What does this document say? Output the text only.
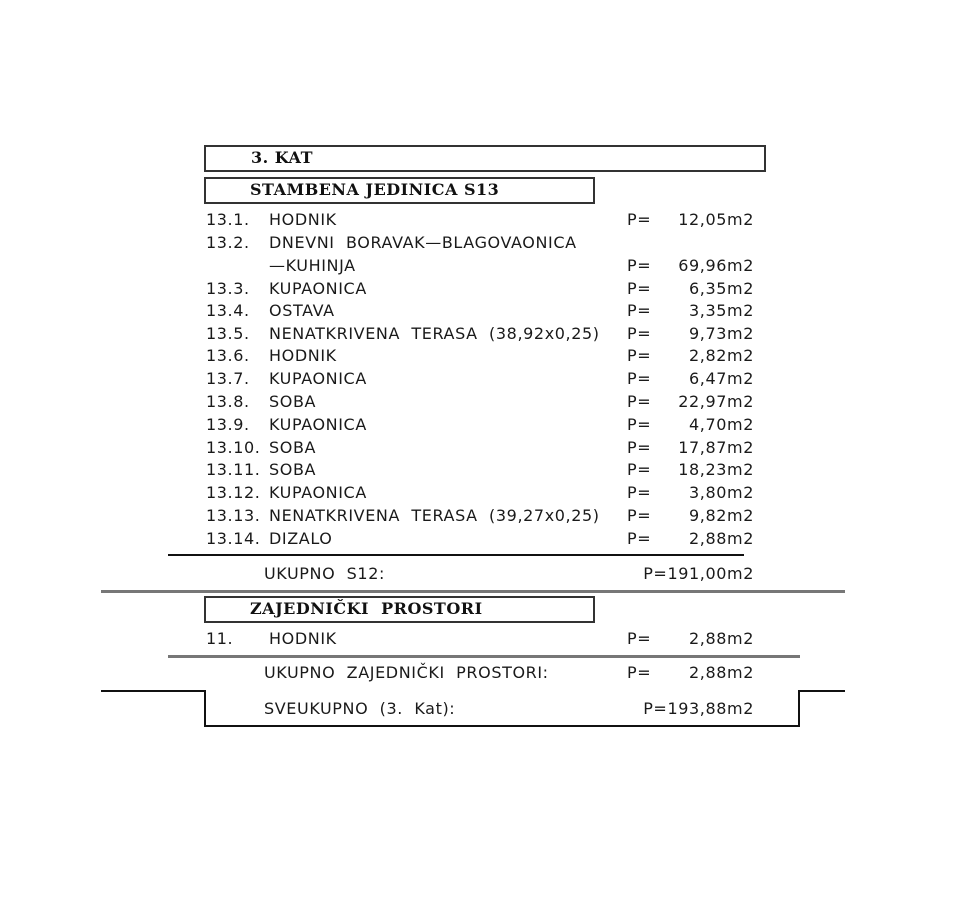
3. KAT
STAMBENA JEDINICA S13
13.1. HODNIK	P= 12,05m2
13.2. DNEVNI  BORAVAK—BLAGOVAONICA
—KUHINJA	P= 69,96m2
13.3. KUPAONICA	P= 6,35m2
13.4. OSTAVA	P= 3,35m2
13.5. NENATKRIVENA  TERASA  (38,92x0,25) P= 9,73m2
13.6. HODNIK	P= 2,82m2
13.7. KUPAONICA	P= 6,47m2
13.8. SOBA	P= 22,97m2
13.9. KUPAONICA	P= 4,70m2
13.10. SOBA	P= 17,87m2
13.11. SOBA	P= 18,23m2
13.12. KUPAONICA	P= 3,80m2
13.13. NENATKRIVENA  TERASA  (39,27x0,25) P= 9,82m2
13.14. DIZALO	P= 2,88m2
UKUPNO  S12:	P=191,00m2
ZAJEDNIČKI  PROSTORI
11. HODNIK	P= 2,88m2
UKUPNO  ZAJEDNIČKI  PROSTORI:	P= 2,88m2
SVEUKUPNO  (3.  Kat):	P=193,88m2
